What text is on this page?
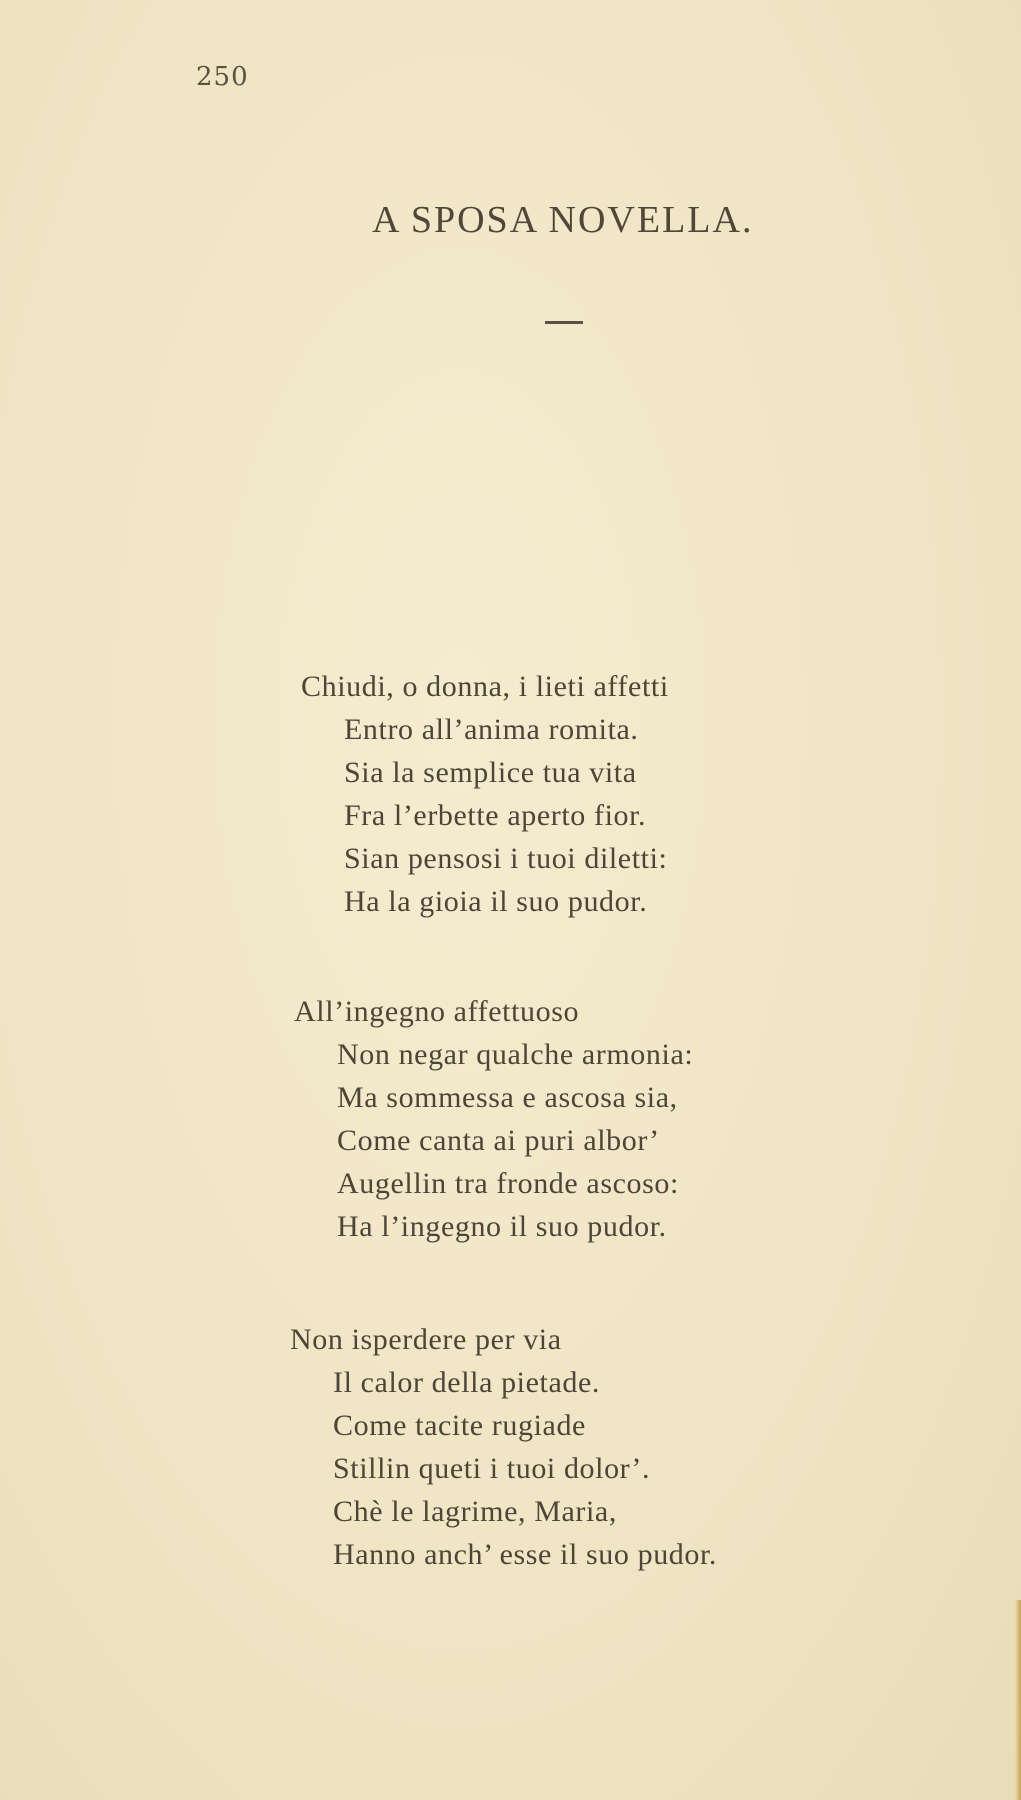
250
A SPOSA NOVELLA.
Chiudi, o donna, i lieti affetti
Entro all’anima romita.
Sia la semplice tua vita
Fra l’erbette aperto fior.
Sian pensosi i tuoi diletti:
Ha la gioia il suo pudor.
All’ingegno affettuoso
Non negar qualche armonia:
Ma sommessa e ascosa sia,
Come canta ai puri albor’
Augellin tra fronde ascoso:
Ha l’ingegno il suo pudor.
Non isperdere per via
Il calor della pietade.
Come tacite rugiade
Stillin queti i tuoi dolor’.
Chè le lagrime, Maria,
Hanno anch’ esse il suo pudor.
